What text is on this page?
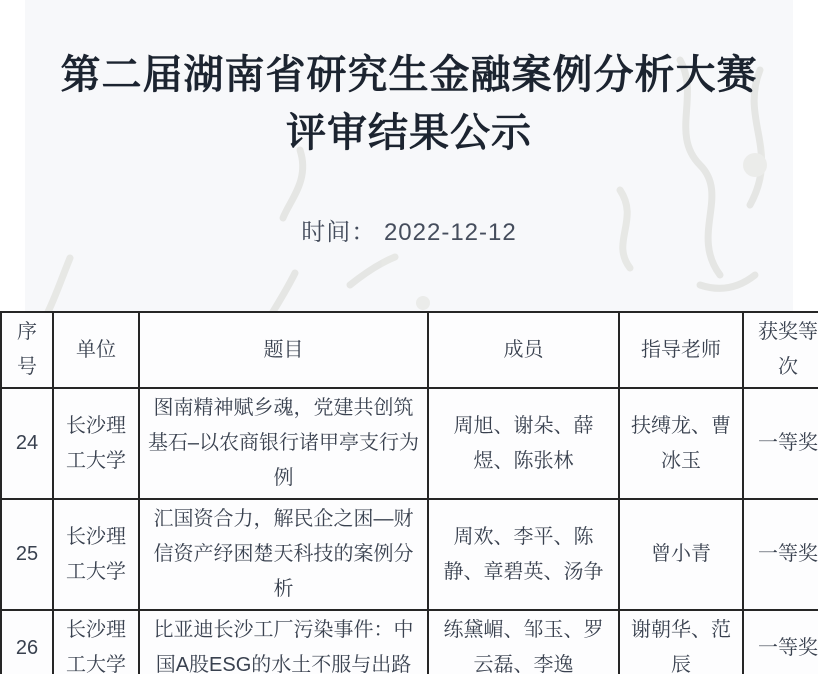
第二届湖南省研究生金融案例分析大赛
评审结果公示
时间： 2022-12-12
序号	单位	题目	成员	指导老师	获奖等次
24	长沙理工大学	图南精神赋乡魂，党建共创筑基石–以农商银行诸甲亭支行为例	周旭、谢朵、薛煜、陈张林	扶缚龙、曹冰玉	一等奖
25	长沙理工大学	汇国资合力，解民企之困—财信资产纾困楚天科技的案例分析	周欢、李平、陈静、章碧英、汤争	曾小青	一等奖
26	长沙理工大学	比亚迪长沙工厂污染事件：中国A股ESG的水土不服与出路	练黛嵋、邹玉、罗云磊、李逸	谢朝华、范辰	一等奖
